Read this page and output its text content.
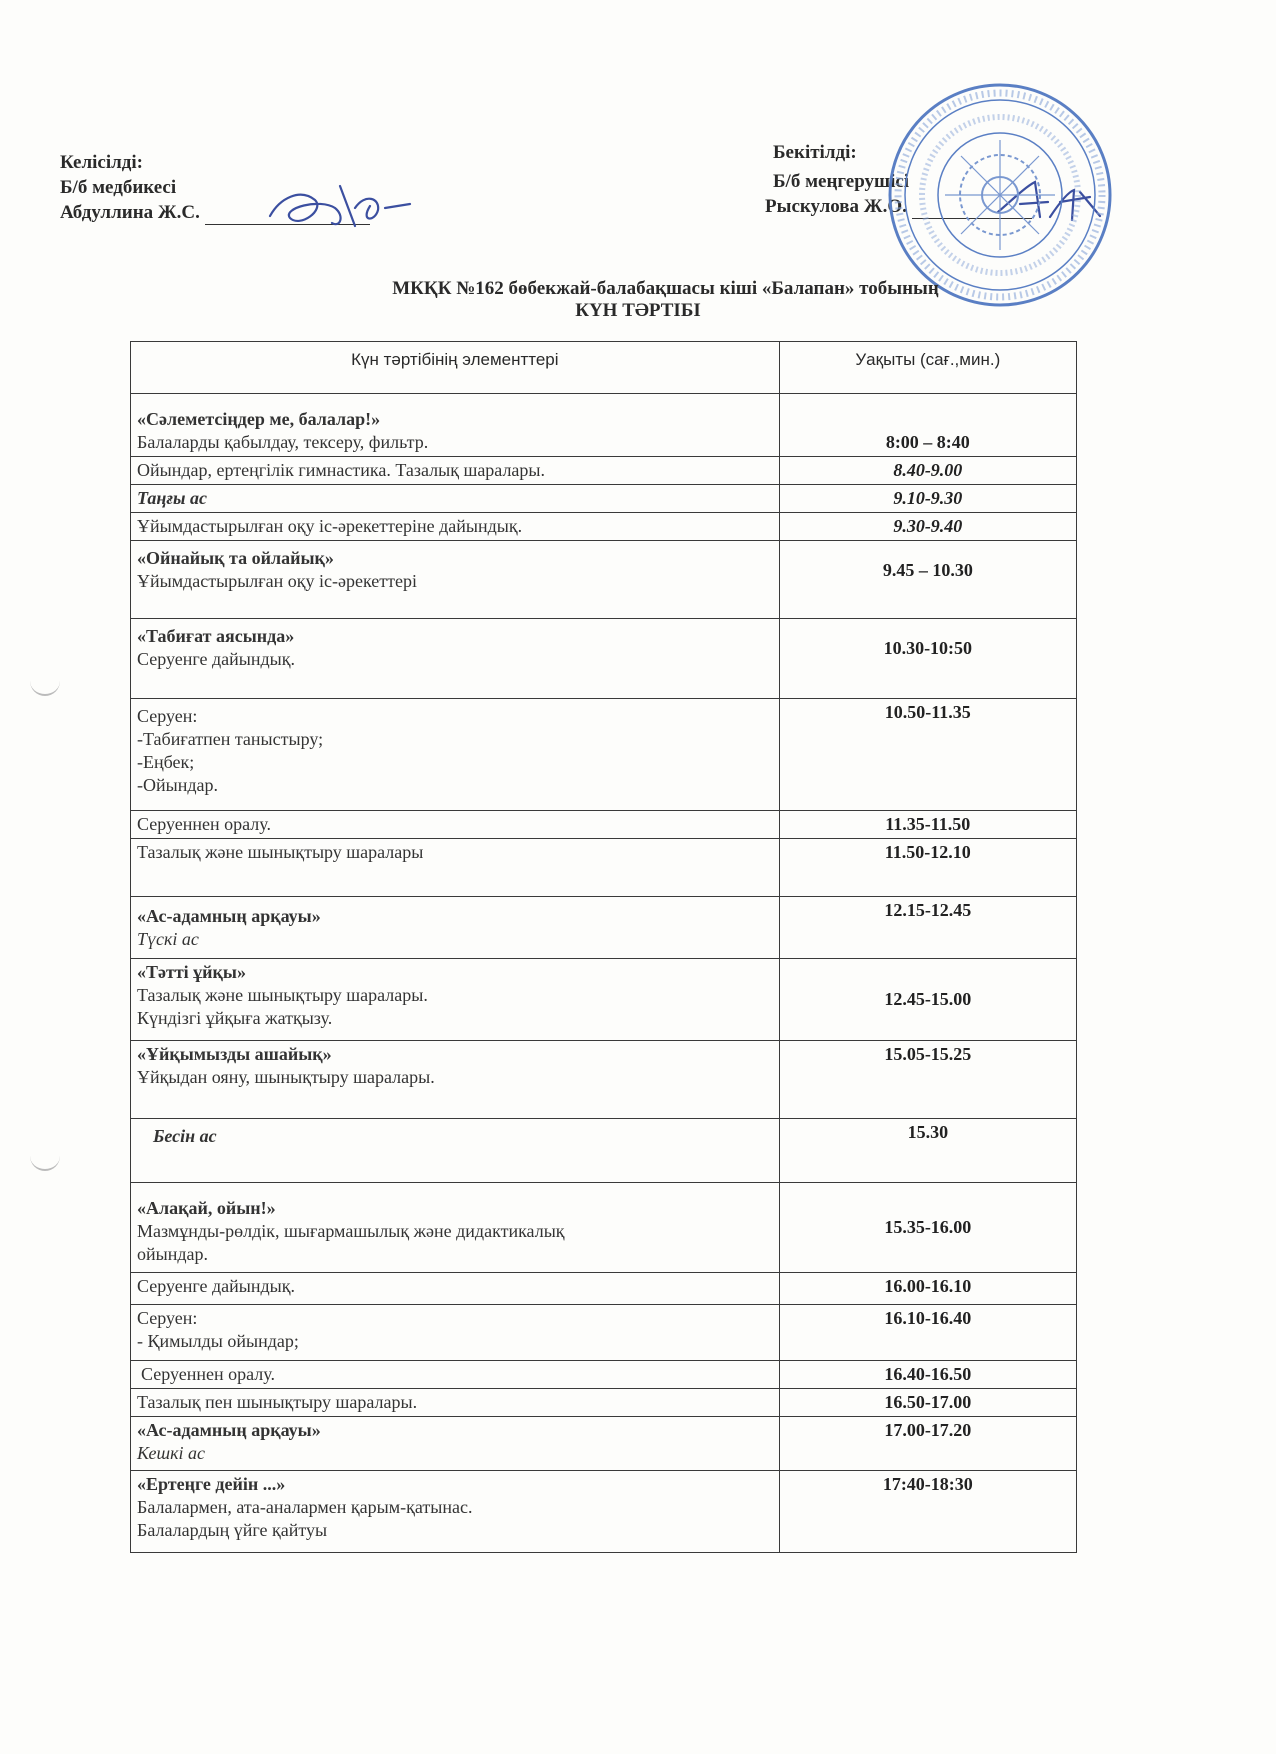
Келісілді:
Б/б медбикесі
Абдуллина Ж.С.
Бекітілді:
Б/б меңгерушісі
Рыскулова Ж.О.
МКҚК №162 бөбекжай-балабақшасы кіші «Балапан» тобының
КҮН ТӘРТІБІ
Күн тәртібінің элементтері	Уақыты (сағ.,мин.)

«Сәлеметсіңдер ме, балалар!»
Балаларды қабылдау, тексеру, фильтр.	8:00 – 8:40

Ойындар, ертеңгілік гимнастика. Тазалық шаралары.	8.40-9.00

Таңғы ас	9.10-9.30

Ұйымдастырылған оқу іс-әрекеттеріне дайындық.	9.30-9.40

«Ойнайық та ойлайық»
Ұйымдастырылған оқу іс-әрекеттері	9.45 – 10.30

«Табиғат аясында»
Серуенге дайындық.	10.30-10:50

Серуен:
-Табиғатпен таныстыру;
-Еңбек;
-Ойындар.	10.50-11.35

Серуеннен оралу.	11.35-11.50

Тазалық және шынықтыру шаралары	11.50-12.10

«Ас-адамның арқауы»
Түскі ас	12.15-12.45

«Тәтті ұйқы»
Тазалық және шынықтыру шаралары.
Күндізгі ұйқыға жатқызу.	12.45-15.00

«Ұйқымызды ашайық»
Ұйқыдан ояну, шынықтыру шаралары.	15.05-15.25

Бесін ас	15.30

«Алақай, ойын!»
Мазмұнды-рөлдік, шығармашылық және дидактикалық
ойындар.	15.35-16.00

Серуенге дайындық.	16.00-16.10

Серуен:
- Қимылды ойындар;	16.10-16.40

Серуеннен оралу.	16.40-16.50

Тазалық пен шынықтыру шаралары.	16.50-17.00

«Ас-адамның арқауы»
Кешкі ас	17.00-17.20

«Ертеңге дейін ...»
Балалармен, ата-аналармен қарым-қатынас.
Балалардың үйге қайтуы	17:40-18:30
